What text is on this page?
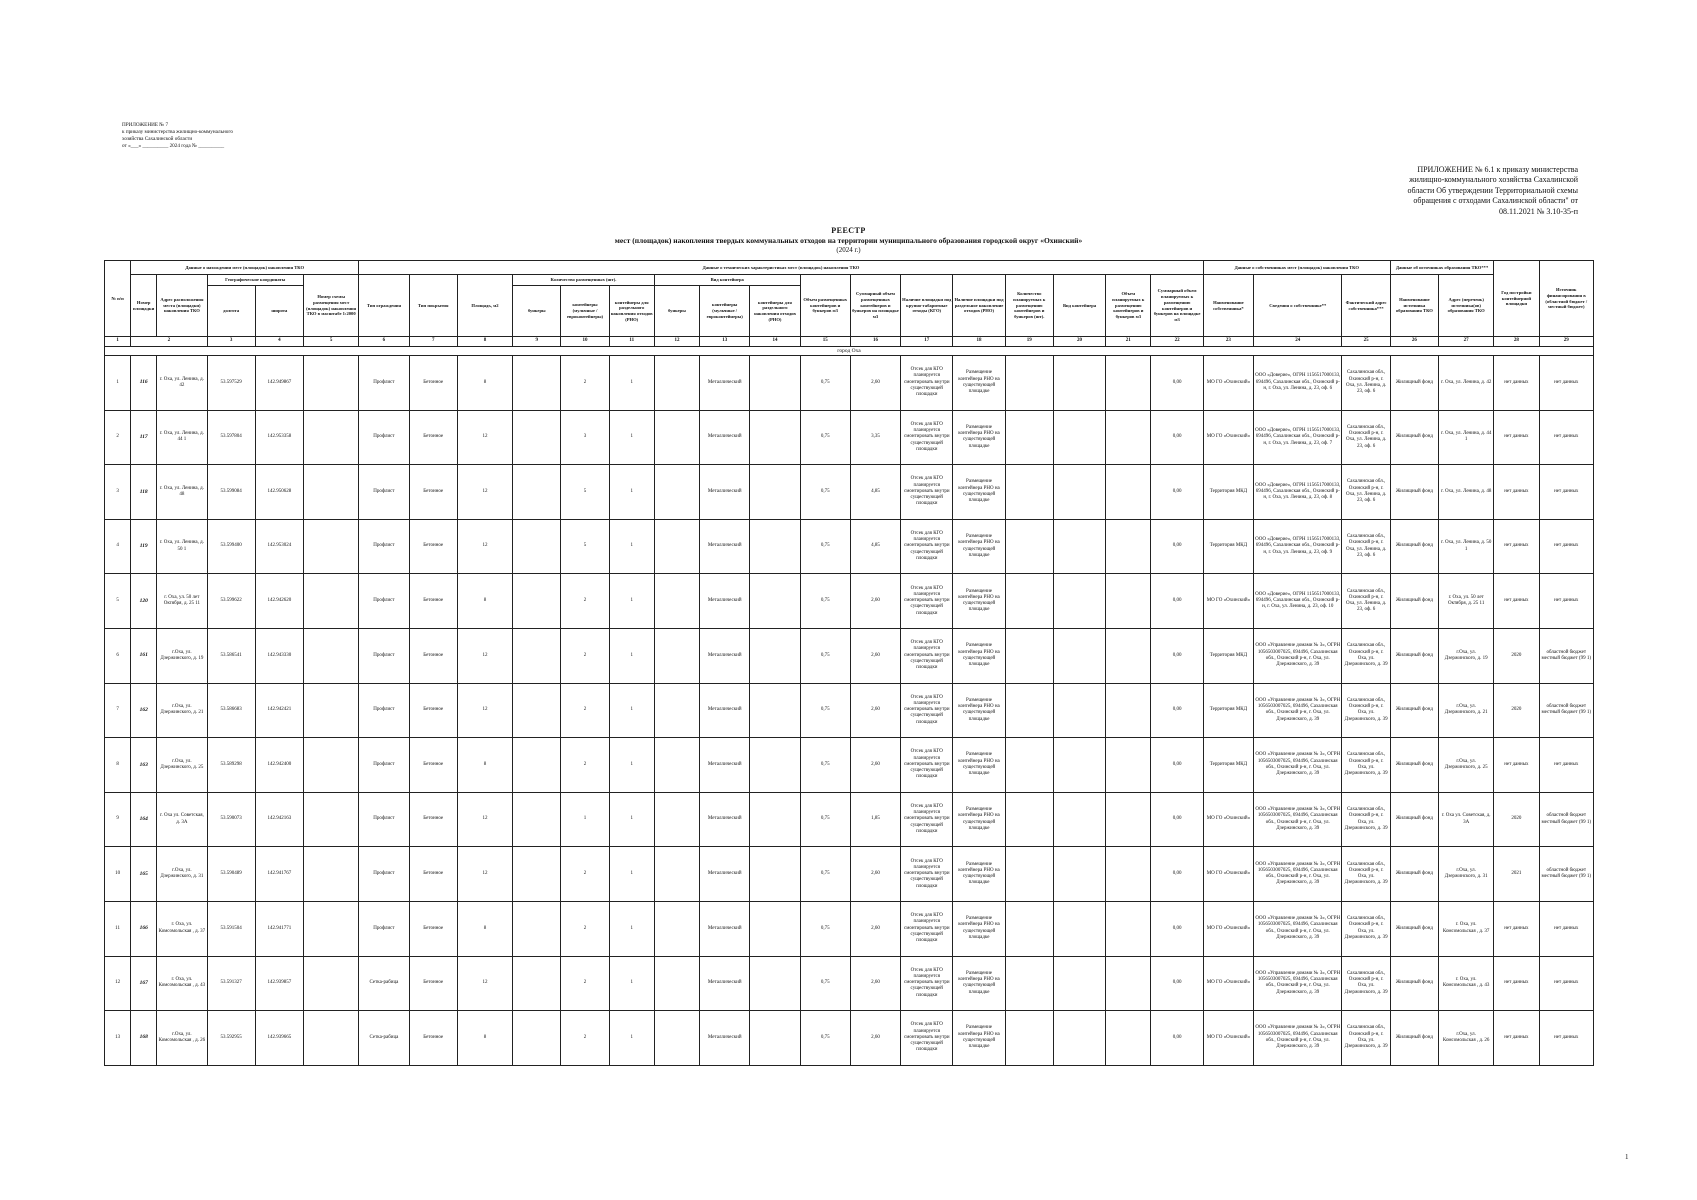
ПРИЛОЖЕНИЕ № 7
к приказу министерства жилищно-коммунального
хозяйства Сахалинской области
от «___» __________ 2024 года № __________
ПРИЛОЖЕНИЕ № 6.1 к приказу министерства
жилищно-коммунального хозяйства Сахалинской
области Об утверждении Территориальной схемы
обращения с отходами Сахалинской области" от
08.11.2021 № 3.10-35-п
РЕЕСТР
мест (площадок) накопления твердых коммунальных отходов на территории муниципального образования городской округ «Охинский»
(2024 г.)
№ п/п	Данные о нахождении мест (площадок) накопления ТКО					Данные о технических характеристиках мест (площадок) накопления ТКО																	Данные о собственниках мест (площадок) накопления ТКО			Данные об источниках образования ТКО***		Год постройки контейнерной площадки	Источник финансирования в (областной бюджет / местный бюджет)
	Номер площадки	Адрес расположения места (площадки) накопления ТКО	Географические координаты		Номер схемы размещения мест (площадок) накопления ТКО в масштабе 1:2000	Тип ограждения	Тип покрытия	Площадь, м2	Количество размещенных (шт).			Вид контейнера			Объем размещенных контейнеров и бункеров м3	Суммарный объем размещенных контейнеров и бункеров на площадке м3	Наличие площадки под крупно-габаритные отходы (КГО)	Наличие площадки под раздельное накопление отходов (РНО)	Количество планируемых к размещению контейнеров и бункеров (шт).	Вид контейнера	Объем планируемых к размещению контейнеров и бункеров м3	Суммарный объем планируемых к размещению контейнеров и бункеров на площадке м3	Наименование собственника*	Сведения о собственнике**	Фактический адрес собственника***	Наименование источника образования ТКО	Адрес (перечень) источника(ов) образования ТКО		
			долгота	широта					бункеры	контейнеры (мульчные / евроконтейнеры)	контейнеры для раздельного накопления отходов (РНО)	бункеры	контейнеры (мульчные / евроконтейнеры)	контейнеры для раздельного накопления отходов (РНО)															
1	2		3	4	5	6	7	8	9	10	11	12	13	14	15	16	17	18	19	20	21	22	23	24	25	26	27	28	29
город Оха																													
1	116	г. Оха, ул. Ленина, д. 42	53.597529	142.949867		Профлист	Бетонное	8		2	1		Металлический		0,75	2,60	Отсек для КГО планируется смонтировать внутри существующей площадки	Размещение контейнера РНО на существующей площадке				0,00	МО ГО «Охинский»	ООО «Доверие», ОГРН 1156517000133, 694496, Сахалинская обл., Охинский р-н, г. Оха, ул. Ленина, д. 23, оф. 6	Сахалинская обл., Охинский р-н, г. Оха, ул. Ленина, д. 23, оф. 6	Жилищный фонд	г. Оха, ул. Ленина, д. 42	нет данных	нет данных
2	117	г. Оха, ул. Ленина, д. 44 1	53.597804	142.953358		Профлист	Бетонное	12		3	1		Металлический		0,75	3,35	Отсек для КГО планируется смонтировать внутри существующей площадки	Размещение контейнера РНО на существующей площадке				0,00	МО ГО «Охинский»	ООО «Доверие», ОГРН 1156517000133, 694496, Сахалинская обл., Охинский р-н, г. Оха, ул. Ленина, д. 23, оф. 7	Сахалинская обл., Охинский р-н, г. Оха, ул. Ленина, д. 23, оф. 6	Жилищный фонд	г. Оха, ул. Ленина, д. 44 1	нет данных	нет данных
3	118	г. Оха, ул. Ленина, д. 48	53.599084	142.950628		Профлист	Бетонное	12		5	1		Металлический		0,75	4,85	Отсек для КГО планируется смонтировать внутри существующей площадки	Размещение контейнера РНО на существующей площадке				0,00	Территория МКД	ООО «Доверие», ОГРН 1156517000133, 694496, Сахалинская обл., Охинский р-н, г. Оха, ул. Ленина, д. 23, оф. 8	Сахалинская обл., Охинский р-н, г. Оха, ул. Ленина, д. 23, оф. 6	Жилищный фонд	г. Оха, ул. Ленина, д. 48	нет данных	нет данных
4	119	г. Оха, ул. Ленина, д. 50 1	53.599400	142.953024		Профлист	Бетонное	12		5	1		Металлический		0,75	4,85	Отсек для КГО планируется смонтировать внутри существующей площадки	Размещение контейнера РНО на существующей площадке				0,00	Территория МКД	ООО «Доверие», ОГРН 1156517000133, 694496, Сахалинская обл., Охинский р-н, г. Оха, ул. Ленина, д. 23, оф. 9	Сахалинская обл., Охинский р-н, г. Оха, ул. Ленина, д. 23, оф. 6	Жилищный фонд	г. Оха, ул. Ленина, д. 50 1	нет данных	нет данных
5	120	г. Оха, ул. 50 лет Октября, д. 25 11	53.599622	142.942620		Профлист	Бетонное	8		2	1		Металлический		0,75	2,60	Отсек для КГО планируется смонтировать внутри существующей площадки	Размещение контейнера РНО на существующей площадке				0,00	МО ГО «Охинский»	ООО «Доверие», ОГРН 1156517000133, 694496, Сахалинская обл., Охинский р-н, г. Оха, ул. Ленина, д. 23, оф. 10	Сахалинская обл., Охинский р-н, г. Оха, ул. Ленина, д. 23, оф. 6	Жилищный фонд	г. Оха, ул. 50 лет Октября, д. 25 11	нет данных	нет данных
6	161	г.Оха, ул. Дзержинского, д. 19	53.586541	142.943330		Профлист	Бетонное	12		2	1		Металлический		0,75	2,60	Отсек для КГО планируется смонтировать внутри существующей площадки	Размещение контейнера РНО на существующей площадке				0,00	Территория МКД	ООО «Управление домами № 3», ОГРН 1056503007025, 694496, Сахалинская обл., Охинский р-н, г. Оха, ул. Дзержинского, д. 39	Сахалинская обл., Охинский р-н, г. Оха, ул. Дзержинского, д. 39	Жилищный фонд	г.Оха, ул. Дзержинского, д. 19	2020	областной бюджет местный бюджет (99 1)
7	162	г.Оха, ул. Дзержинского, д. 21	53.586683	142.942421		Профлист	Бетонное	12		2	1		Металлический		0,75	2,60	Отсек для КГО планируется смонтировать внутри существующей площадки	Размещение контейнера РНО на существующей площадке				0,00	Территория МКД	ООО «Управление домами № 3», ОГРН 1056503007025, 694496, Сахалинская обл., Охинский р-н, г. Оха, ул. Дзержинского, д. 39	Сахалинская обл., Охинский р-н, г. Оха, ул. Дзержинского, д. 39	Жилищный фонд	г.Оха, ул. Дзержинского, д. 21	2020	областной бюджет местный бюджет (99 1)
8	163	г.Оха, ул. Дзержинского, д. 25	53.589298	142.942400		Профлист	Бетонное	8		2	1		Металлический		0,75	2,60	Отсек для КГО планируется смонтировать внутри существующей площадки	Размещение контейнера РНО на существующей площадке				0,00	Территория МКД	ООО «Управление домами № 3», ОГРН 1056503007025, 694496, Сахалинская обл., Охинский р-н, г. Оха, ул. Дзержинского, д. 39	Сахалинская обл., Охинский р-н, г. Оха, ул. Дзержинского, д. 39	Жилищный фонд	г.Оха, ул. Дзержинского, д. 25	нет данных	нет данных
9	164	г. Оха ул. Советская, д. 3А	53.590073	142.942163		Профлист	Бетонное	12		1	1		Металлический		0,75	1,85	Отсек для КГО планируется смонтировать внутри существующей площадки	Размещение контейнера РНО на существующей площадке				0,00	МО ГО «Охинский»	ООО «Управление домами № 3», ОГРН 1056503007025, 694496, Сахалинская обл., Охинский р-н, г. Оха, ул. Дзержинского, д. 39	Сахалинская обл., Охинский р-н, г. Оха, ул. Дзержинского, д. 39	Жилищный фонд	г. Оха ул. Советская, д. 3А	2020	областной бюджет местный бюджет (99 1)
10	165	г.Оха, ул. Дзержинского, д. 31	53.590489	142.941767		Профлист	Бетонное	12		2	1		Металлический		0,75	2,60	Отсек для КГО планируется смонтировать внутри существующей площадки	Размещение контейнера РНО на существующей площадке				0,00	МО ГО «Охинский»	ООО «Управление домами № 3», ОГРН 1056503007025, 694496, Сахалинская обл., Охинский р-н, г. Оха, ул. Дзержинского, д. 39	Сахалинская обл., Охинский р-н, г. Оха, ул. Дзержинского, д. 39	Жилищный фонд	г.Оха, ул. Дзержинского, д. 31	2021	областной бюджет местный бюджет (99 1)
11	166	г. Оха, ул. Комсомольская , д. 37	53.591504	142.941771		Профлист	Бетонное	8		2	1		Металлический		0,75	2,60	Отсек для КГО планируется смонтировать внутри существующей площадки	Размещение контейнера РНО на существующей площадке				0,00	МО ГО «Охинский»	ООО «Управление домами № 3», ОГРН 1056503007025, 694496, Сахалинская обл., Охинский р-н, г. Оха, ул. Дзержинского, д. 39	Сахалинская обл., Охинский р-н, г. Оха, ул. Дзержинского, д. 39	Жилищный фонд	г. Оха, ул. Комсомольская , д. 37	нет данных	нет данных
12	167	г. Оха, ул. Комсомольская , д. 43	53.591327	142.939857		Сетка-рабица	Бетонное	12		2	1		Металлический		0,75	2,60	Отсек для КГО планируется смонтировать внутри существующей площадки	Размещение контейнера РНО на существующей площадке				0,00	МО ГО «Охинский»	ООО «Управление домами № 3», ОГРН 1056503007025, 694496, Сахалинская обл., Охинский р-н, г. Оха, ул. Дзержинского, д. 39	Сахалинская обл., Охинский р-н, г. Оха, ул. Дзержинского, д. 39	Жилищный фонд	г. Оха, ул. Комсомольская , д. 43	нет данных	нет данных
13	168	г.Оха, ул. Комсомольская , д. 26	53.592955	142.939665		Сетка-рабица	Бетонное	8		2	1		Металлический		0,75	2,60	Отсек для КГО планируется смонтировать внутри существующей площадки	Размещение контейнера РНО на существующей площадке				0,00	МО ГО «Охинский»	ООО «Управление домами № 3», ОГРН 1056503007025, 694496, Сахалинская обл., Охинский р-н, г. Оха, ул. Дзержинского, д. 39	Сахалинская обл., Охинский р-н, г. Оха, ул. Дзержинского, д. 39	Жилищный фонд	г.Оха, ул. Комсомольская , д. 26	нет данных	нет данных
1
